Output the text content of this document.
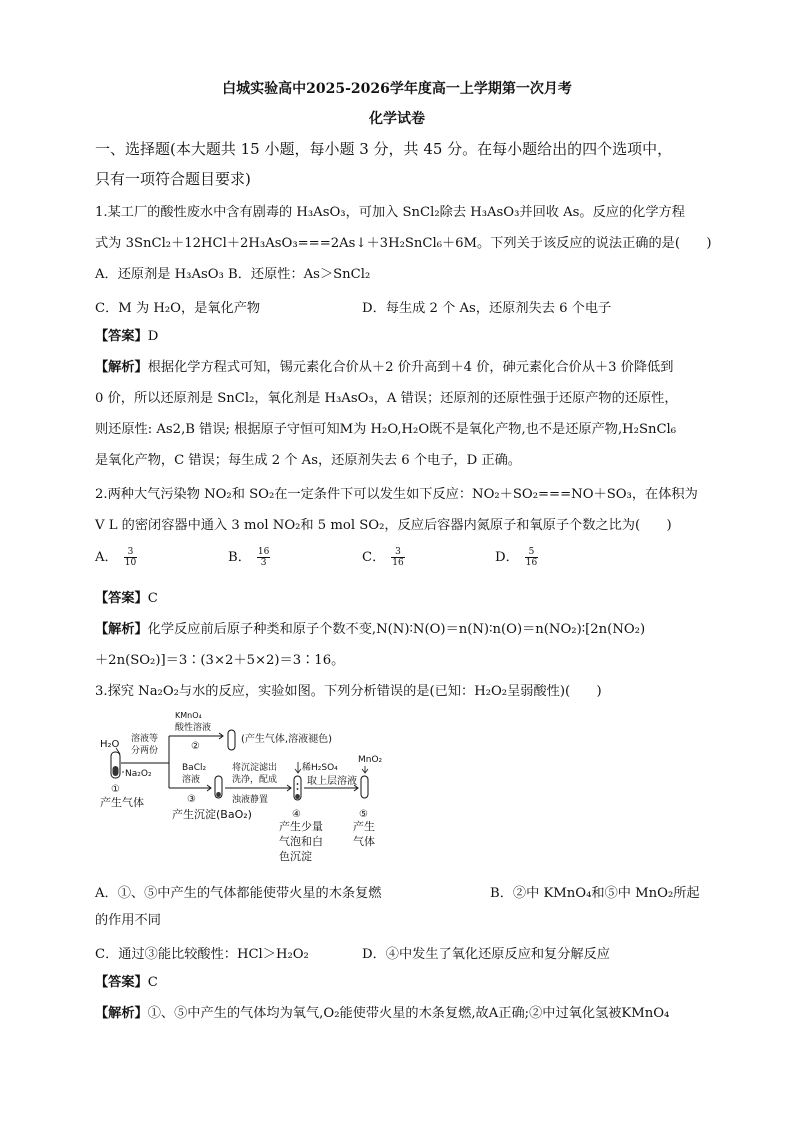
白城实验高中2025-2026学年度高一上学期第一次月考
化学试卷
一、选择题(本大题共 15 小题，每小题 3 分，共 45 分。在每小题给出的四个选项中，
只有一项符合题目要求)
1.某工厂的酸性废水中含有剧毒的 H₃AsO₃，可加入 SnCl₂除去 H₃AsO₃并回收 As。反应的化学方程
式为 3SnCl₂＋12HCl＋2H₃AsO₃===2As↓＋3H₂SnCl₆＋6M。下列关于该反应的说法正确的是(　　)
A．还原剂是 H₃AsO₃ B．还原性：As＞SnCl₂
C．M 为 H₂O，是氧化产物	D．每生成 2 个 As，还原剂失去 6 个电子
【答案】D
【解析】根据化学方程式可知，锡元素化合价从＋2 价升高到＋4 价，砷元素化合价从＋3 价降低到
0 价，所以还原剂是 SnCl₂，氧化剂是 H₃AsO₃，A 错误；还原剂的还原性强于还原产物的还原性，
则还原性: As2,B 错误; 根据原子守恒可知M为 H₂O,H₂O既不是氧化产物,也不是还原产物,H₂SnCl₆
是氧化产物，C 错误；每生成 2 个 As，还原剂失去 6 个电子，D 正确。
2.两种大气污染物 NO₂和 SO₂在一定条件下可以发生如下反应：NO₂＋SO₂===NO＋SO₃，在体积为
V L 的密闭容器中通入 3 mol NO₂和 5 mol SO₂，反应后容器内氮原子和氧原子个数之比为(　　)
A． $\frac{3}{10}$	B． $\frac{16}{3}$	C． $\frac{3}{16}$	D． $\frac{5}{16}$
【答案】C
【解析】化学反应前后原子种类和原子个数不变,N(N)∶N(O)＝n(N)∶n(O)＝n(NO₂)∶[2n(NO₂)
＋2n(SO₂)]＝3∶(3×2＋5×2)＝3∶16。
3.探究 Na₂O₂与水的反应，实验如图。下列分析错误的是(已知：H₂O₂呈弱酸性)(　　)
H₂O
Na₂O₂
①
产生气体
溶液等
分两份
KMnO₄
酸性溶液
②
(产生气体,溶液褪色)
BaCl₂
溶液
③
产生沉淀(BaO₂)
将沉淀滤出
洗净，配成
浊液静置
稀H₂SO₄
④
产生少量
气泡和白
色沉淀
取上层溶液
MnO₂
⑤
产生
气体
A．①、⑤中产生的气体都能使带火星的木条复燃	B．②中 KMnO₄和⑤中 MnO₂所起
的作用不同
C．通过③能比较酸性：HCl＞H₂O₂	D．④中发生了氧化还原反应和复分解反应
【答案】C
【解析】①、⑤中产生的气体均为氧气,O₂能使带火星的木条复燃,故A正确;②中过氧化氢被KMnO₄
